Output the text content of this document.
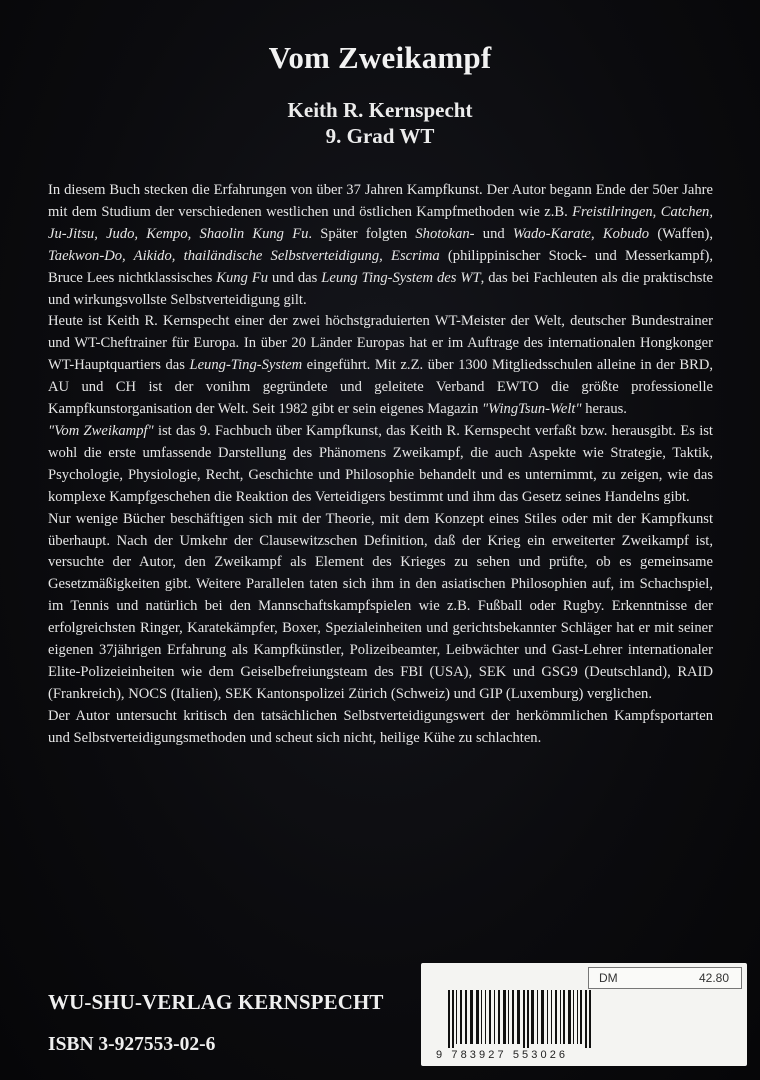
Vom Zweikampf
Keith R. Kernspecht
9. Grad WT

In diesem Buch stecken die Erfahrungen von über 37 Jahren Kampfkunst. Der Autor begann Ende der 50er Jahre mit dem Studium der verschiedenen westlichen und östlichen Kampfmethoden wie z.B. Freistilringen, Catchen, Ju-Jitsu, Judo, Kempo, Shaolin Kung Fu. Später folgten Shotokan- und Wado-Karate, Kobudo (Waffen), Taekwon-Do, Aikido, thailändische Selbstverteidigung, Escrima (philippinischer Stock- und Messerkampf), Bruce Lees nichtklassisches Kung Fu und das Leung Ting-System des WT, das bei Fachleuten als die praktischste und wirkungsvollste Selbstverteidigung gilt.

Heute ist Keith R. Kernspecht einer der zwei höchstgraduierten WT-Meister der Welt, deutscher Bundestrainer und WT-Cheftrainer für Europa. In über 20 Länder Europas hat er im Auftrage des internationalen Hongkonger WT-Hauptquartiers das Leung-Ting-System eingeführt. Mit z.Z. über 1300 Mitgliedsschulen alleine in der BRD, AU und CH ist der vonihm gegründete und geleitete Verband EWTO die größte professionelle Kampfkunstorganisation der Welt. Seit 1982 gibt er sein eigenes Magazin "WingTsun-Welt" heraus.

"Vom Zweikampf" ist das 9. Fachbuch über Kampfkunst, das Keith R. Kernspecht verfaßt bzw. herausgibt. Es ist wohl die erste umfassende Darstellung des Phänomens Zweikampf, die auch Aspekte wie Strategie, Taktik, Psychologie, Physiologie, Recht, Geschichte und Philosophie behandelt und es unternimmt, zu zeigen, wie das komplexe Kampfgeschehen die Reaktion des Verteidigers bestimmt und ihm das Gesetz seines Handelns gibt.

Nur wenige Bücher beschäftigen sich mit der Theorie, mit dem Konzept eines Stiles oder mit der Kampfkunst überhaupt. Nach der Umkehr der Clausewitzschen Definition, daß der Krieg ein erweiterter Zweikampf ist, versuchte der Autor, den Zweikampf als Element des Krieges zu sehen und prüfte, ob es gemeinsame Gesetzmäßigkeiten gibt. Weitere Parallelen taten sich ihm in den asiatischen Philosophien auf, im Schachspiel, im Tennis und natürlich bei den Mannschaftskampfspielen wie z.B. Fußball oder Rugby. Erkenntnisse der erfolgreichsten Ringer, Karatekämpfer, Boxer, Spezialeinheiten und gerichtsbekannter Schläger hat er mit seiner eigenen 37jährigen Erfahrung als Kampfkünstler, Polizeibeamter, Leibwächter und Gast-Lehrer internationaler Elite-Polizeieinheiten wie dem Geiselbefreiungsteam des FBI (USA), SEK und GSG9 (Deutschland), RAID (Frankreich), NOCS (Italien), SEK Kantonspolizei Zürich (Schweiz) und GIP (Luxemburg) verglichen.

Der Autor untersucht kritisch den tatsächlichen Selbstverteidigungswert der herkömmlichen Kampfsportarten und Selbstverteidigungsmethoden und scheut sich nicht, heilige Kühe zu schlachten.

WU-SHU-VERLAG KERNSPECHT
ISBN 3-927553-02-6
DM	42.80
9 783927 553026
